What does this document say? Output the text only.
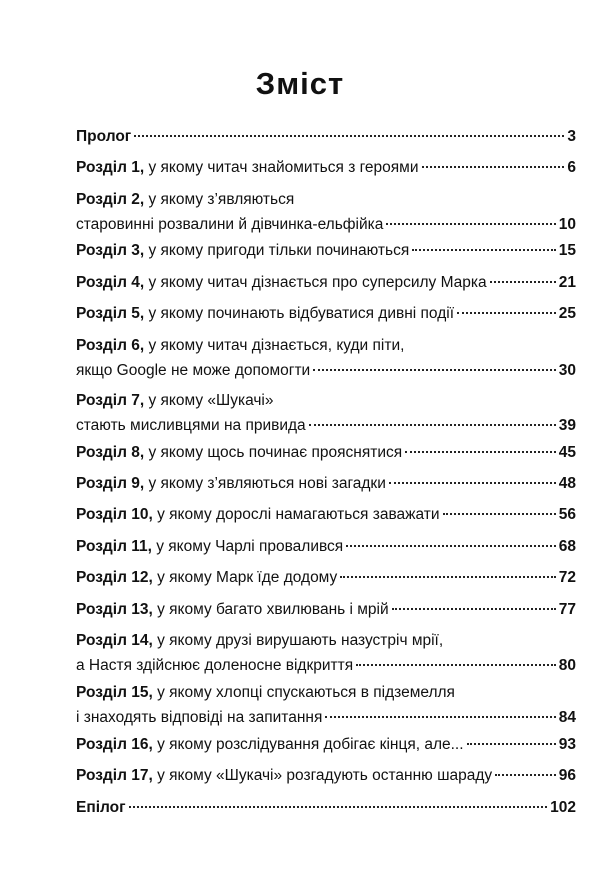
Зміст
Пролог	3
Розділ 1, у якому читач знайомиться з героями	6
Розділ 2, у якому з’являються
старовинні розвалини й дівчинка-ельфійка	10
Розділ 3, у якому пригоди тільки починаються	15
Розділ 4, у якому читач дізнається про суперсилу Марка	21
Розділ 5, у якому починають відбуватися дивні події	25
Розділ 6, у якому читач дізнається, куди піти,
якщо Google не може допомогти	30
Розділ 7, у якому «Шукачі»
стають мисливцями на привида	39
Розділ 8, у якому щось починає прояснятися	45
Розділ 9, у якому з’являються нові загадки	48
Розділ 10, у якому дорослі намагаються заважати	56
Розділ 11, у якому Чарлі провалився	68
Розділ 12, у якому Марк їде додому	72
Розділ 13, у якому багато хвилювань і мрій	77
Розділ 14, у якому друзі вирушають назустріч мрії,
а Настя здійснює доленосне відкриття	80
Розділ 15, у якому хлопці спускаються в підземелля
і знаходять відповіді на запитання	84
Розділ 16, у якому розслідування добігає кінця, але...	93
Розділ 17, у якому «Шукачі» розгадують останню шараду	96
Епілог	102
